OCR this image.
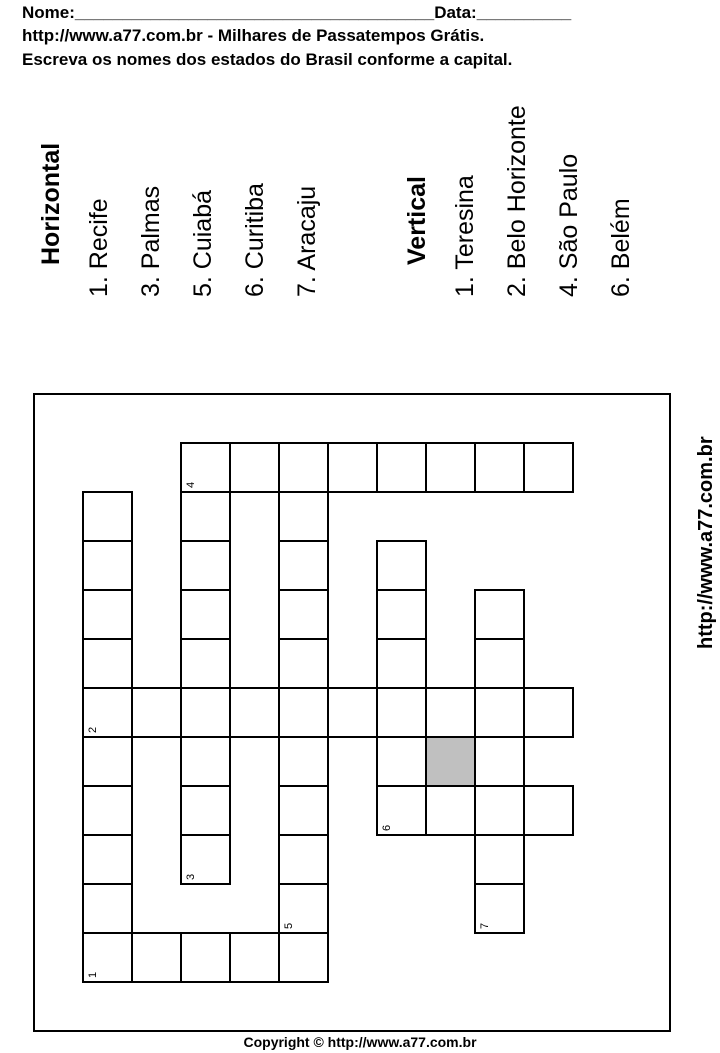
Nome:______________________________________Data:__________
http://www.a77.com.br - Milhares de Passatempos Grátis.
Escreva os nomes dos estados do Brasil conforme a capital.
Horizontal 1. Recife 3. Palmas 5. Cuiabá 6. Curitiba 7. Aracaju	Vertical 1. Teresina 2. Belo Horizonte 4. São Paulo 6. Belém
4
2
6
3
5	7
1
http://www.a77.com.br
Copyright © http://www.a77.com.br
